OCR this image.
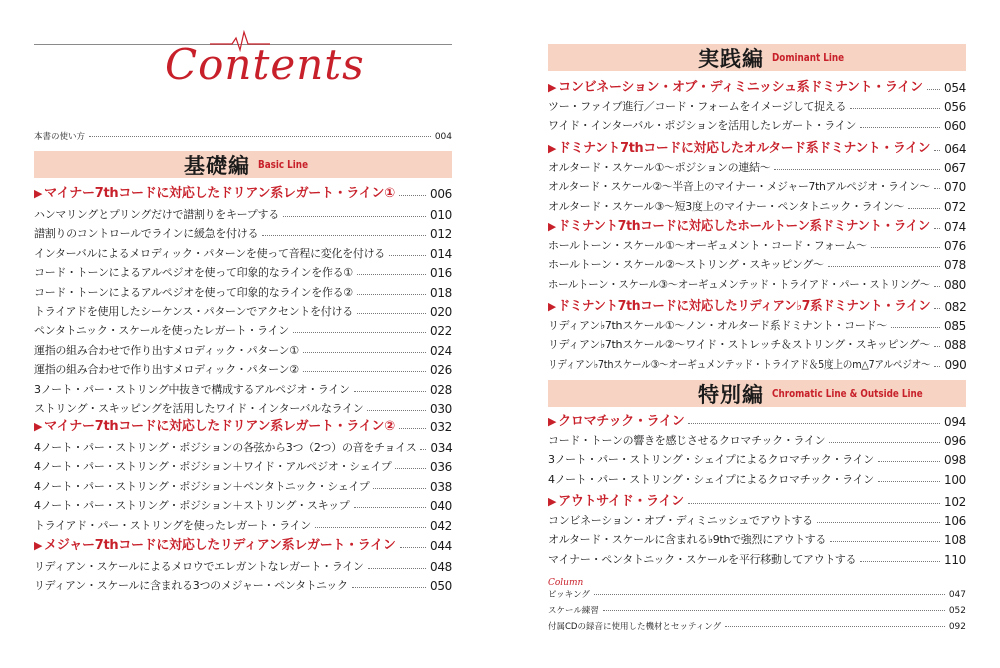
Contents
本書の使い方	004
基礎編 Basic Line
▶ マイナー7thコードに対応したドリアン系レガート・ライン①	006
ハンマリングとプリングだけで譜割りをキープする	010
譜割りのコントロールでラインに緩急を付ける	012
インターバルによるメロディック・パターンを使って音程に変化を付ける	014
コード・トーンによるアルペジオを使って印象的なラインを作る①	016
コード・トーンによるアルペジオを使って印象的なラインを作る②	018
トライアドを使用したシーケンス・パターンでアクセントを付ける	020
ペンタトニック・スケールを使ったレガート・ライン	022
運指の組み合わせで作り出すメロディック・パターン①	024
運指の組み合わせで作り出すメロディック・パターン②	026
3ノート・パー・ストリング中抜きで構成するアルペジオ・ライン	028
ストリング・スキッピングを活用したワイド・インターバルなライン	030
▶ マイナー7thコードに対応したドリアン系レガート・ライン②	032
4ノート・パー・ストリング・ポジションの各弦から3つ（2つ）の音をチョイス 034
4ノート・パー・ストリング・ポジション＋ワイド・アルペジオ・シェイプ	036
4ノート・パー・ストリング・ポジション＋ペンタトニック・シェイプ	038
4ノート・パー・ストリング・ポジション＋ストリング・スキップ	040
トライアド・パー・ストリングを使ったレガート・ライン	042
▶ メジャー7thコードに対応したリディアン系レガート・ライン	044
リディアン・スケールによるメロウでエレガントなレガート・ライン	048
リディアン・スケールに含まれる3つのメジャー・ペンタトニック	050
実践編 Dominant Line
▶ コンビネーション・オブ・ディミニッシュ系ドミナント・ライン 054
ツー・ファイブ進行／コード・フォームをイメージして捉える	056
ワイド・インターバル・ポジションを活用したレガート・ライン	060
▶ ドミナント7thコードに対応したオルタード系ドミナント・ライン 064
オルタード・スケール①～ポジションの連結～	067
オルタード・スケール②～半音上のマイナー・メジャー7thアルペジオ・ライン～ 070
オルタード・スケール③～短3度上のマイナー・ペンタトニック・ライン～	072
▶ ドミナント7thコードに対応したホールトーン系ドミナント・ライン 074
ホールトーン・スケール①～オーギュメント・コード・フォーム～	076
ホールトーン・スケール②～ストリング・スキッピング～	078
ホールトーン・スケール③～オーギュメンテッド・トライアド・パー・ストリング～ 080
▶ ドミナント7thコードに対応したリディアン♭7系ドミナント・ライン 082
リディアン♭7thスケール①～ノン・オルタード系ドミナント・コード～	085
リディアン♭7thスケール②～ワイド・ストレッチ＆ストリング・スキッピング～ 088
リディアン♭7thスケール③～オーギュメンテッド・トライアド＆5度上のm△7アルペジオ～ 090
特別編 Chromatic Line & Outside Line
▶ クロマチック・ライン	094
コード・トーンの響きを感じさせるクロマチック・ライン	096
3ノート・パー・ストリング・シェイプによるクロマチック・ライン	098
4ノート・パー・ストリング・シェイプによるクロマチック・ライン	100
▶ アウトサイド・ライン	102
コンビネーション・オブ・ディミニッシュでアウトする	106
オルタード・スケールに含まれる♭9thで強烈にアウトする	108
マイナー・ペンタトニック・スケールを平行移動してアウトする	110
Column
ピッキング	047
スケール練習	052
付属CDの録音に使用した機材とセッティング	092
